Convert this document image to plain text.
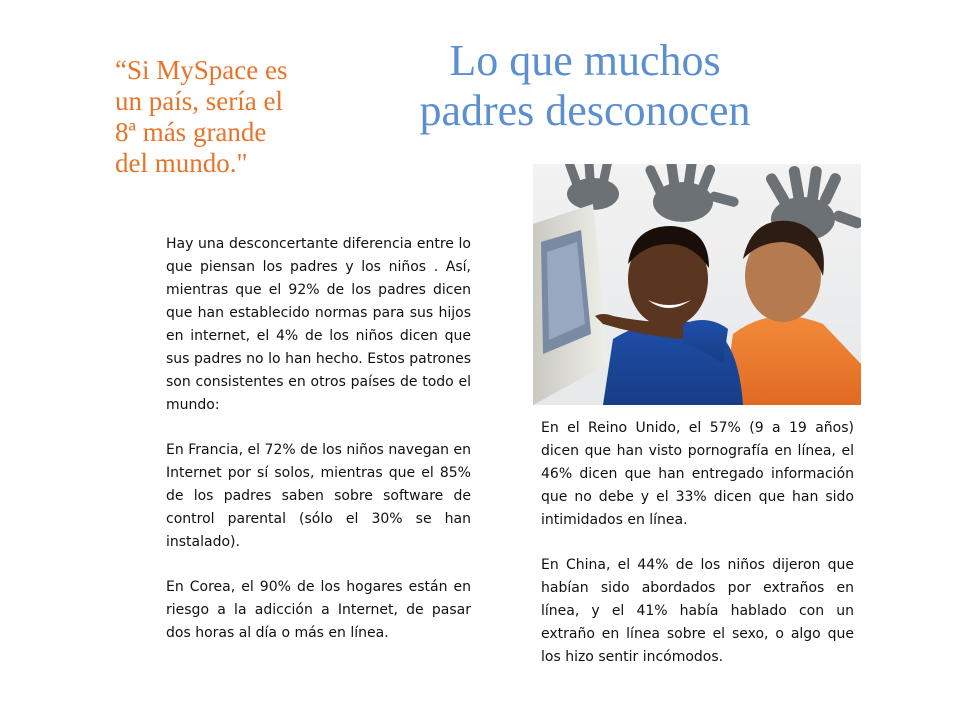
“Si MySpace es
un país, sería el
8ª más grande
del mundo."
Lo que muchos
padres desconocen

Hay una desconcertante diferencia entre lo que piensan los padres y los niños . Así, mientras que el 92% de los padres dicen que han establecido normas para sus hijos en internet, el 4% de los niños dicen que sus padres no lo han hecho. Estos patrones son consistentes en otros países de todo el mundo:

En Francia, el 72% de los niños navegan en Internet por sí solos, mientras que el 85% de los padres saben sobre software de control parental (sólo el 30% se han instalado).

En Corea, el 90% de los hogares están en riesgo a la adicción a Internet, de pasar dos horas al día o más en línea.

En el Reino Unido, el 57% (9 a 19 años) dicen que han visto pornografía en línea, el 46% dicen que han entregado información que no debe y el 33% dicen que han sido intimidados en línea.

En China, el 44% de los niños dijeron que habían sido abordados por extraños en línea, y el 41% había hablado con un extraño en línea sobre el sexo, o algo que los hizo sentir incómodos.
